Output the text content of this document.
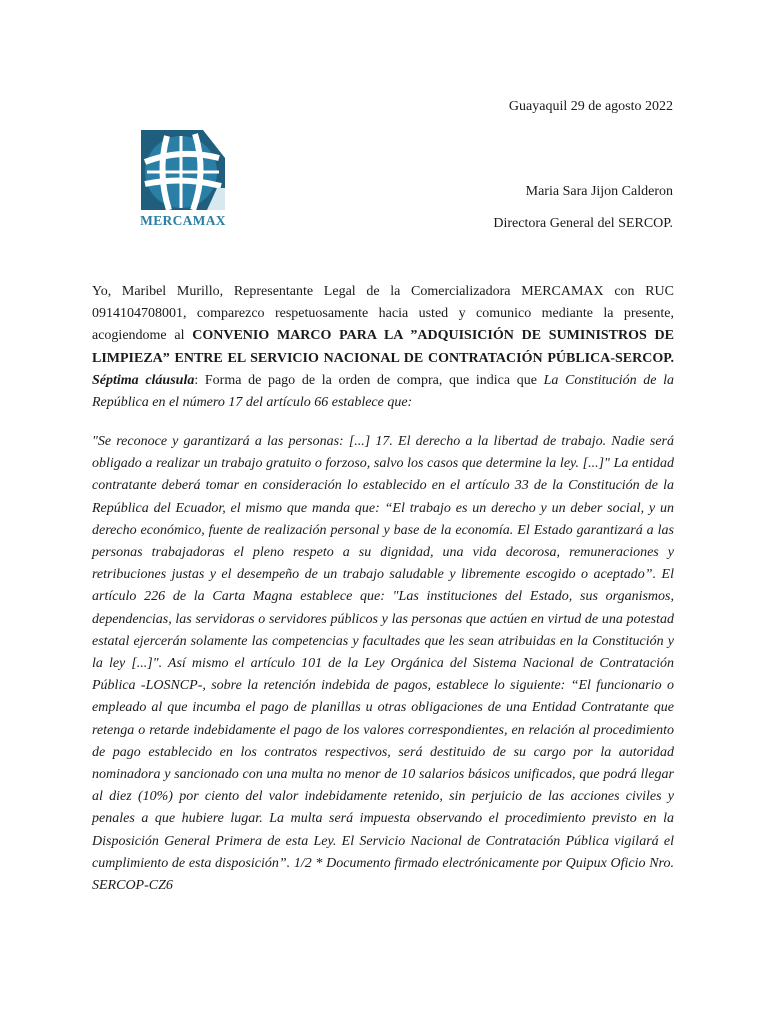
Guayaquil 29 de agosto 2022
MERCAMAX
Maria Sara Jijon Calderon
Directora General del SERCOP.
Yo, Maribel Murillo, Representante Legal de la Comercializadora MERCAMAX con RUC 0914104708001, comparezco respetuosamente hacia usted y comunico mediante la presente, acogiendome al CONVENIO MARCO PARA LA ”ADQUISICIÓN DE SUMINISTROS DE LIMPIEZA” ENTRE EL SERVICIO NACIONAL DE CONTRATACIÓN PÚBLICA-SERCOP. Séptima cláusula: Forma de pago de la orden de compra, que indica que La Constitución de la República en el número 17 del artículo 66 establece que:
"Se reconoce y garantizará a las personas: [...] 17. El derecho a la libertad de trabajo. Nadie será obligado a realizar un trabajo gratuito o forzoso, salvo los casos que determine la ley. [...]" La entidad contratante deberá tomar en consideración lo establecido en el artículo 33 de la Constitución de la República del Ecuador, el mismo que manda que: “El trabajo es un derecho y un deber social, y un derecho económico, fuente de realización personal y base de la economía. El Estado garantizará a las personas trabajadoras el pleno respeto a su dignidad, una vida decorosa, remuneraciones y retribuciones justas y el desempeño de un trabajo saludable y libremente escogido o aceptado”. El artículo 226 de la Carta Magna establece que: "Las instituciones del Estado, sus organismos, dependencias, las servidoras o servidores públicos y las personas que actúen en virtud de una potestad estatal ejercerán solamente las competencias y facultades que les sean atribuidas en la Constitución y la ley [...]". Así mismo el artículo 101 de la Ley Orgánica del Sistema Nacional de Contratación Pública -LOSNCP-, sobre la retención indebida de pagos, establece lo siguiente: “El funcionario o empleado al que incumba el pago de planillas u otras obligaciones de una Entidad Contratante que retenga o retarde indebidamente el pago de los valores correspondientes, en relación al procedimiento de pago establecido en los contratos respectivos, será destituido de su cargo por la autoridad nominadora y sancionado con una multa no menor de 10 salarios básicos unificados, que podrá llegar al diez (10%) por ciento del valor indebidamente retenido, sin perjuicio de las acciones civiles y penales a que hubiere lugar. La multa será impuesta observando el procedimiento previsto en la Disposición General Primera de esta Ley. El Servicio Nacional de Contratación Pública vigilará el cumplimiento de esta disposición”. 1/2 * Documento firmado electrónicamente por Quipux Oficio Nro. SERCOP-CZ6
